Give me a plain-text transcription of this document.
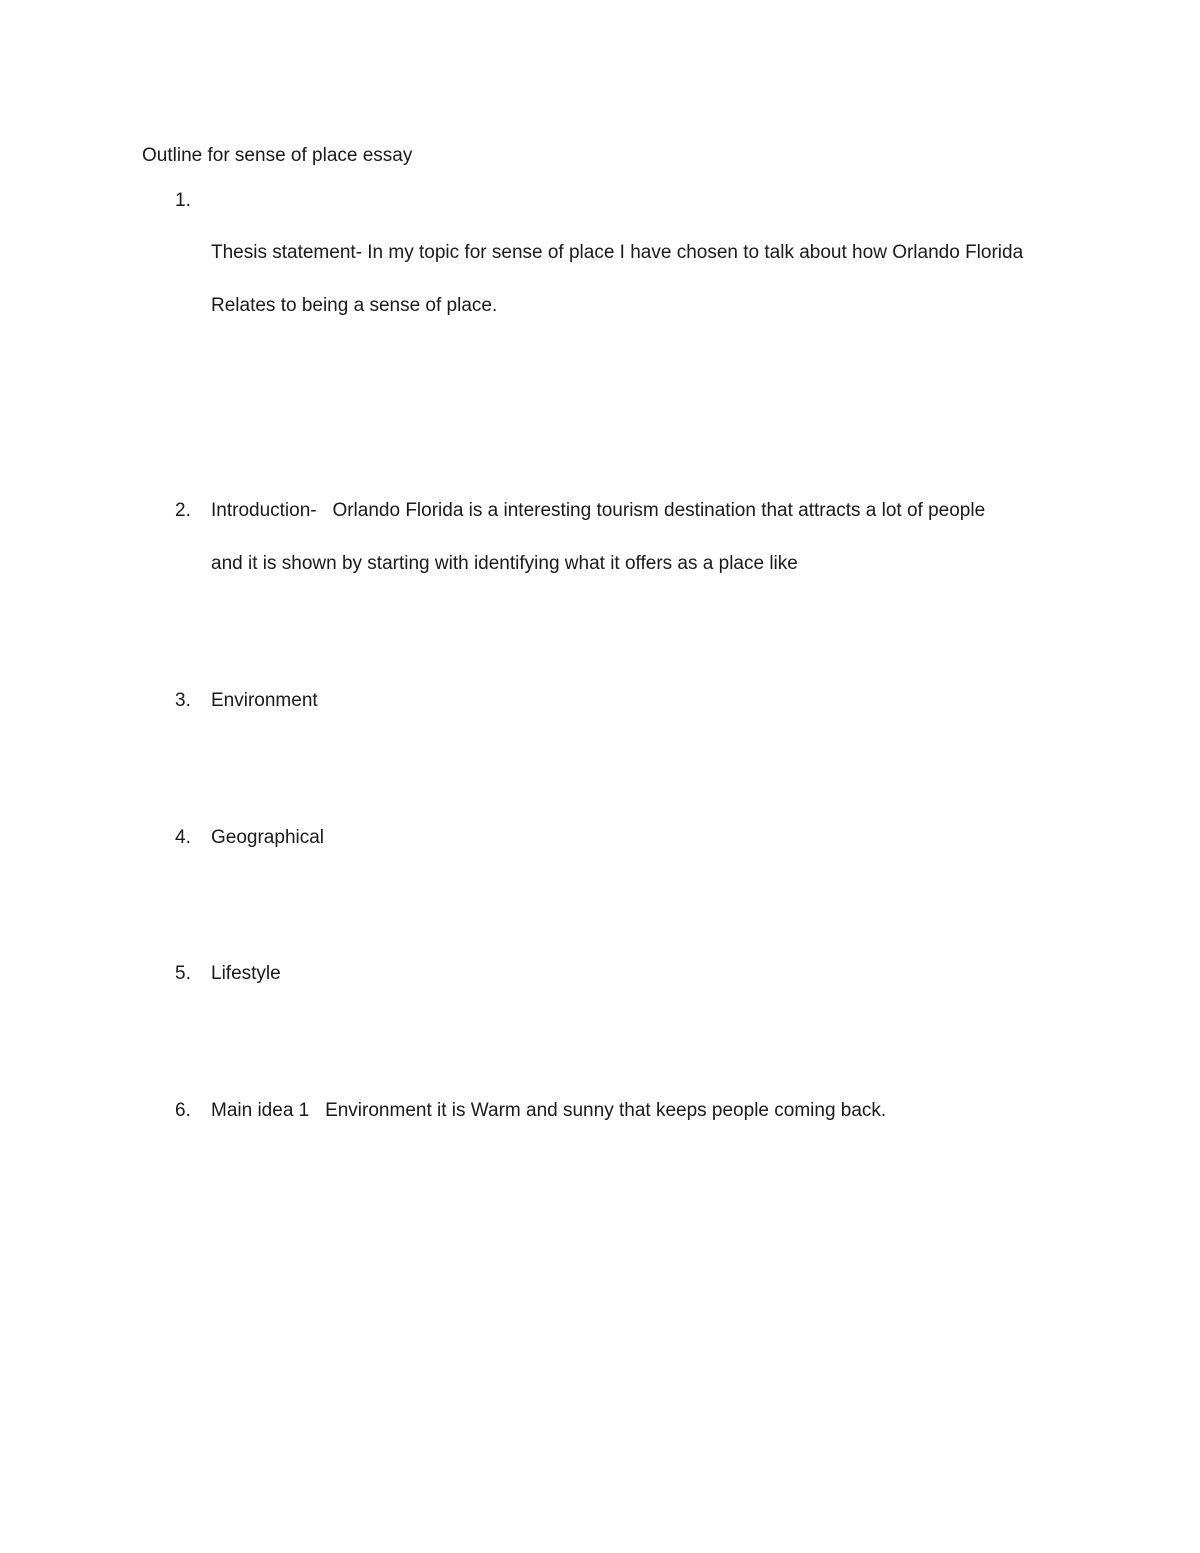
Outline for sense of place essay
1.
Thesis statement- In my topic for sense of place I have chosen to talk about how Orlando Florida
Relates to being a sense of place.
2. Introduction-   Orlando Florida is a interesting tourism destination that attracts a lot of people
and it is shown by starting with identifying what it offers as a place like
3. Environment
4. Geographical
5. Lifestyle
6. Main idea 1   Environment it is Warm and sunny that keeps people coming back.
